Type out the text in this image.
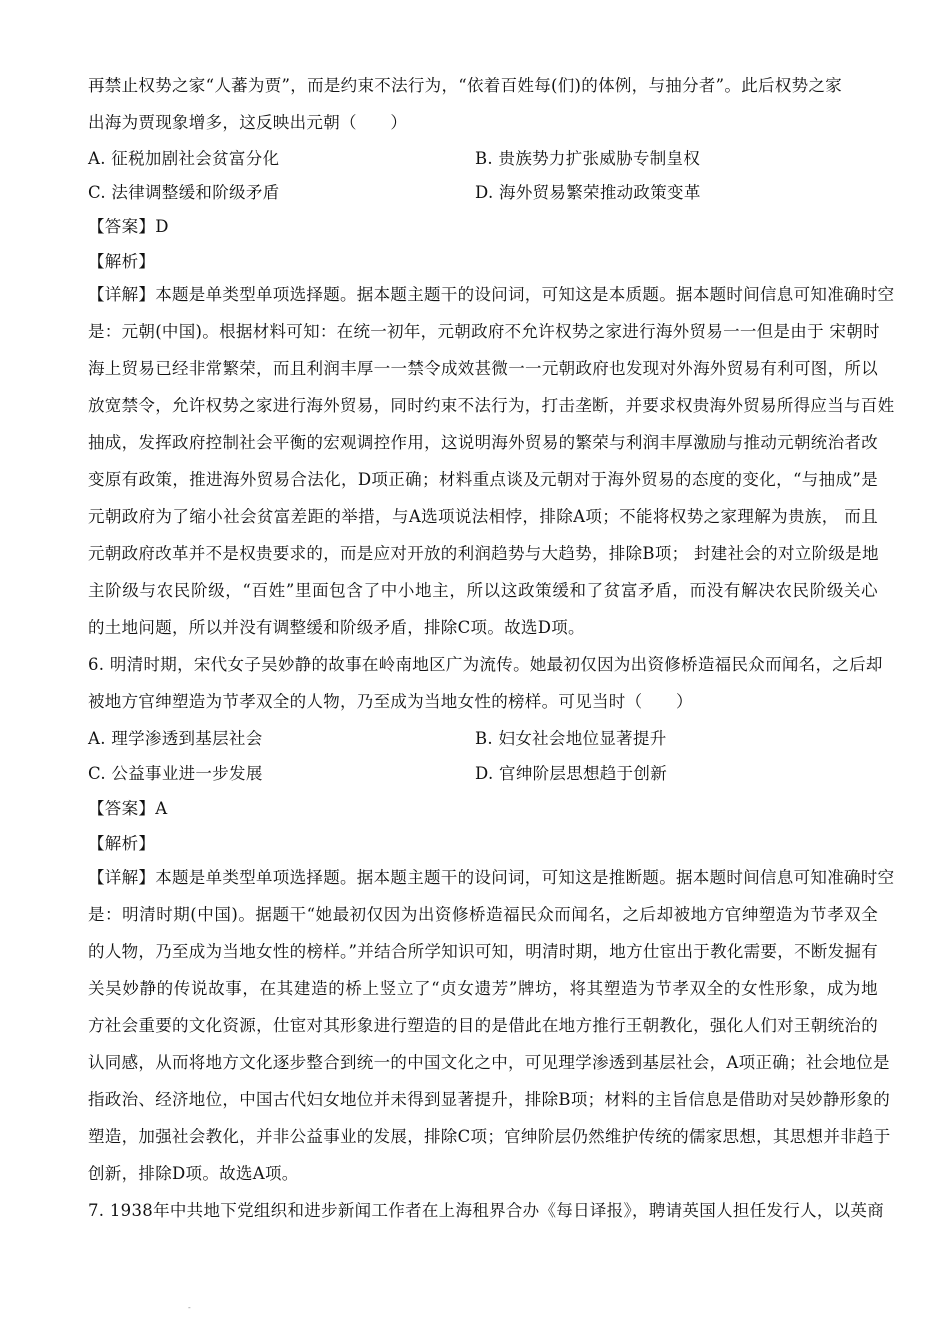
再禁止权势之家“人蕃为贾”，而是约束不法行为，“依着百姓每(们)的体例，与抽分者”。此后权势之家
出海为贾现象增多，这反映出元朝（　　）
A. 征税加剧社会贫富分化	B. 贵族势力扩张威胁专制皇权
C. 法律调整缓和阶级矛盾	D. 海外贸易繁荣推动政策变革
【答案】D
【解析】
【详解】本题是单类型单项选择题。据本题主题干的设问词，可知这是本质题。据本题时间信息可知准确时空
是：元朝(中国)。根据材料可知：在统一初年，元朝政府不允许权势之家进行海外贸易一一但是由于 宋朝时
海上贸易已经非常繁荣，而且利润丰厚一一禁令成效甚微一一元朝政府也发现对外海外贸易有利可图，所以
放宽禁令，允许权势之家进行海外贸易，同时约束不法行为，打击垄断，并要求权贵海外贸易所得应当与百姓
抽成，发挥政府控制社会平衡的宏观调控作用，这说明海外贸易的繁荣与利润丰厚激励与推动元朝统治者改
变原有政策，推进海外贸易合法化，D项正确；材料重点谈及元朝对于海外贸易的态度的变化，“与抽成”是
元朝政府为了缩小社会贫富差距的举措，与A选项说法相悖，排除A项；不能将权势之家理解为贵族， 而且
元朝政府改革并不是权贵要求的，而是应对开放的利润趋势与大趋势，排除B项； 封建社会的对立阶级是地
主阶级与农民阶级，“百姓”里面包含了中小地主，所以这政策缓和了贫富矛盾，而没有解决农民阶级关心
的土地问题，所以并没有调整缓和阶级矛盾，排除C项。故选D项。
6. 明清时期，宋代女子吴妙静的故事在岭南地区广为流传。她最初仅因为出资修桥造福民众而闻名，之后却
被地方官绅塑造为节孝双全的人物，乃至成为当地女性的榜样。可见当时（　　）
A. 理学渗透到基层社会	B. 妇女社会地位显著提升
C. 公益事业进一步发展	D. 官绅阶层思想趋于创新
【答案】A
【解析】
【详解】本题是单类型单项选择题。据本题主题干的设问词，可知这是推断题。据本题时间信息可知准确时空
是：明清时期(中国)。据题干“她最初仅因为出资修桥造福民众而闻名，之后却被地方官绅塑造为节孝双全
的人物，乃至成为当地女性的榜样。”并结合所学知识可知，明清时期，地方仕宦出于教化需要，不断发掘有
关吴妙静的传说故事，在其建造的桥上竖立了“贞女遗芳”牌坊，将其塑造为节孝双全的女性形象，成为地
方社会重要的文化资源，仕宦对其形象进行塑造的目的是借此在地方推行王朝教化，强化人们对王朝统治的
认同感，从而将地方文化逐步整合到统一的中国文化之中，可见理学渗透到基层社会，A项正确；社会地位是
指政治、经济地位，中国古代妇女地位并未得到显著提升，排除B项；材料的主旨信息是借助对吴妙静形象的
塑造，加强社会教化，并非公益事业的发展，排除C项；官绅阶层仍然维护传统的儒家思想，其思想并非趋于
创新，排除D项。故选A项。
7. 1938年中共地下党组织和进步新闻工作者在上海租界合办《每日译报》，聘请英国人担任发行人，以英商
-
